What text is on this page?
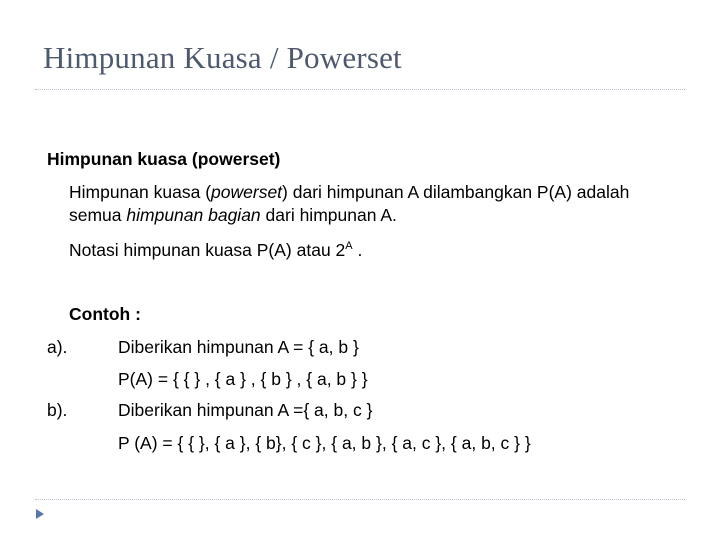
Himpunan Kuasa / Powerset
Himpunan kuasa (powerset)
Himpunan kuasa (powerset) dari himpunan A dilambangkan P(A) adalah semua himpunan bagian dari himpunan A.
Notasi himpunan kuasa P(A) atau $2^A$ .
Contoh :
a).	Diberikan himpunan A = { a, b }
P(A) = { { } , { a } , { b } , { a, b } }
b).	Diberikan himpunan A ={ a, b, c }
P (A) = { { }, { a }, { b}, { c }, { a, b }, { a, c }, { a, b, c } }
